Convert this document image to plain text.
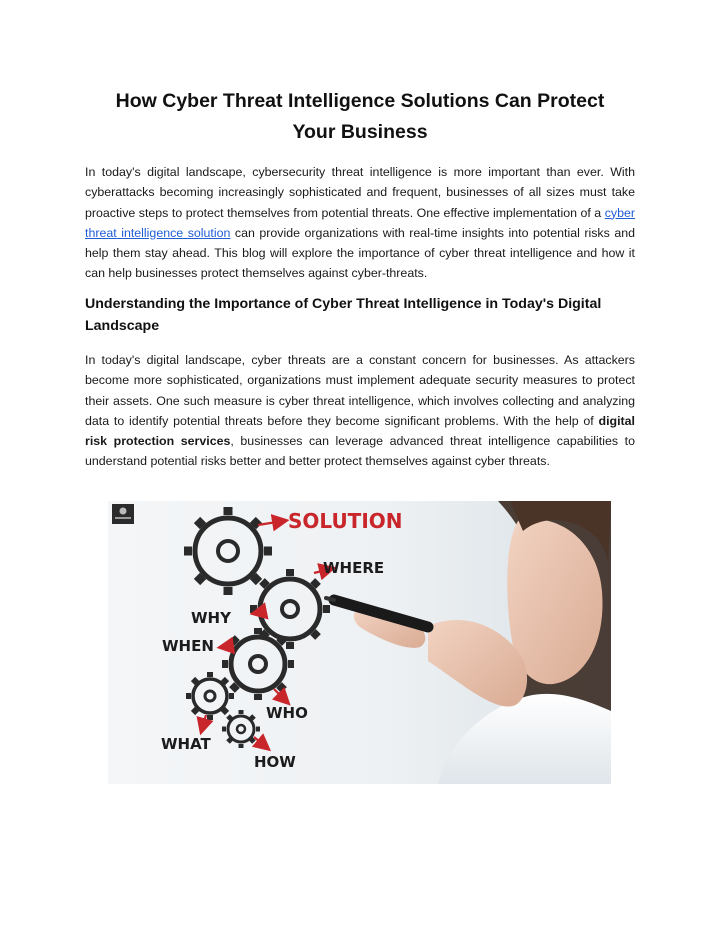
How Cyber Threat Intelligence Solutions Can Protect
Your Business
In today's digital landscape, cybersecurity threat intelligence is more important than ever. With cyberattacks becoming increasingly sophisticated and frequent, businesses of all sizes must take proactive steps to protect themselves from potential threats. One effective implementation of a cyber threat intelligence solution can provide organizations with real-time insights into potential risks and help them stay ahead. This blog will explore the importance of cyber threat intelligence and how it can help businesses protect themselves against cyber-threats.
Understanding the Importance of Cyber Threat Intelligence in Today's Digital Landscape
In today's digital landscape, cyber threats are a constant concern for businesses. As attackers become more sophisticated, organizations must implement adequate security measures to protect their assets. One such measure is cyber threat intelligence, which involves collecting and analyzing data to identify potential threats before they become significant problems. With the help of digital risk protection services, businesses can leverage advanced threat intelligence capabilities to understand potential risks better and better protect themselves against cyber threats.
SOLUTION
WHERE
WHY
WHEN
WHO
WHAT
HOW
